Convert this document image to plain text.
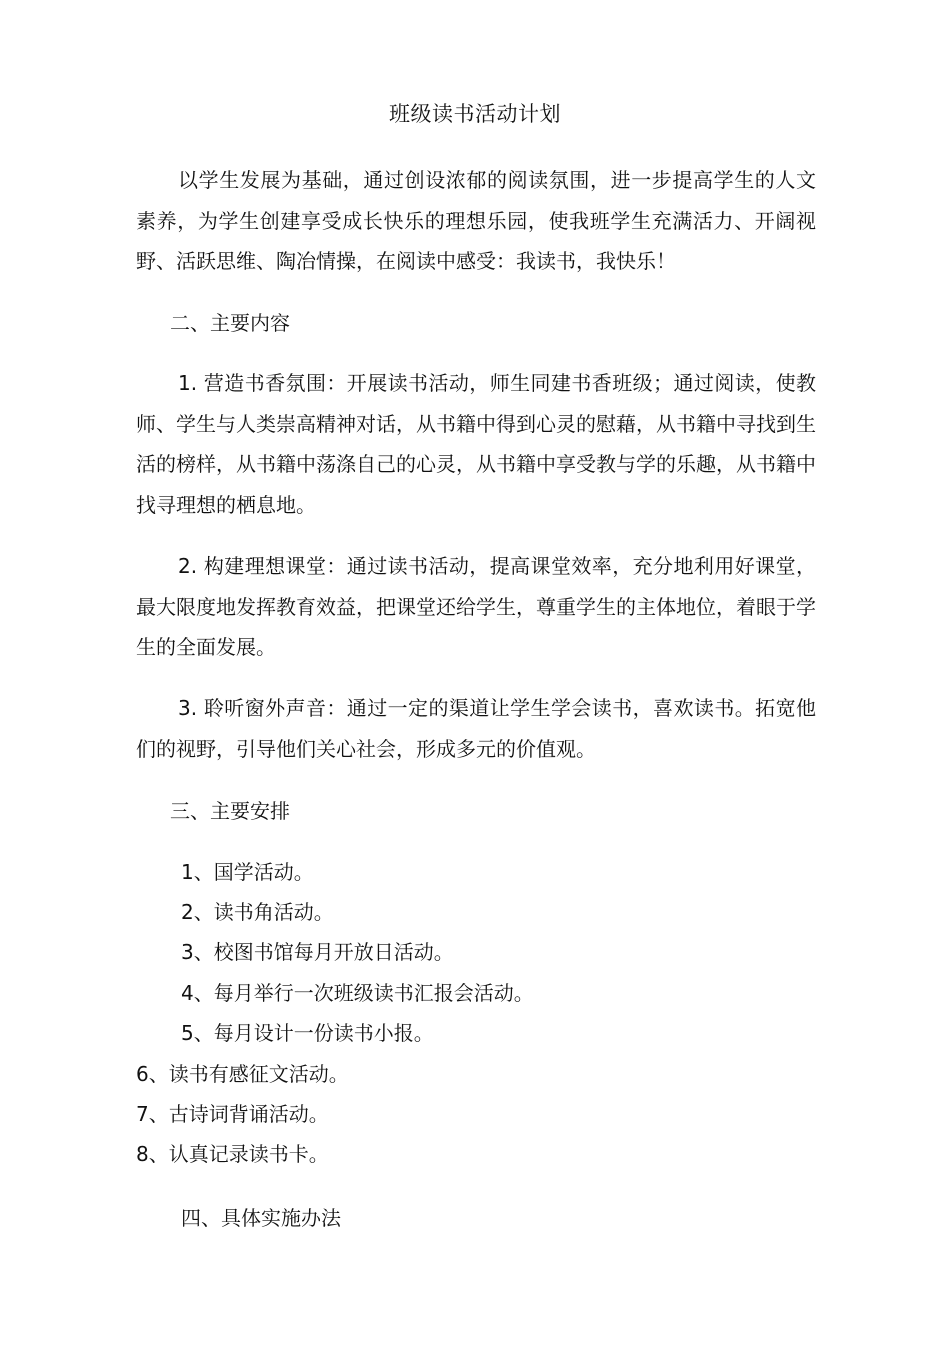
班级读书活动计划
以学生发展为基础，通过创设浓郁的阅读氛围，进一步提高学生的人文素养，为学生创建享受成长快乐的理想乐园，使我班学生充满活力、开阔视野、活跃思维、陶冶情操，在阅读中感受：我读书，我快乐！
二、主要内容
1. 营造书香氛围：开展读书活动，师生同建书香班级；通过阅读，使教师、学生与人类崇高精神对话，从书籍中得到心灵的慰藉，从书籍中寻找到生活的榜样，从书籍中荡涤自己的心灵，从书籍中享受教与学的乐趣，从书籍中找寻理想的栖息地。
2. 构建理想课堂：通过读书活动，提高课堂效率，充分地利用好课堂，最大限度地发挥教育效益，把课堂还给学生，尊重学生的主体地位，着眼于学生的全面发展。
3. 聆听窗外声音：通过一定的渠道让学生学会读书，喜欢读书。拓宽他们的视野，引导他们关心社会，形成多元的价值观。
三、主要安排
1、国学活动。
2、读书角活动。
3、校图书馆每月开放日活动。
4、每月举行一次班级读书汇报会活动。
5、每月设计一份读书小报。
6、读书有感征文活动。
7、古诗词背诵活动。
8、认真记录读书卡。
四、具体实施办法
